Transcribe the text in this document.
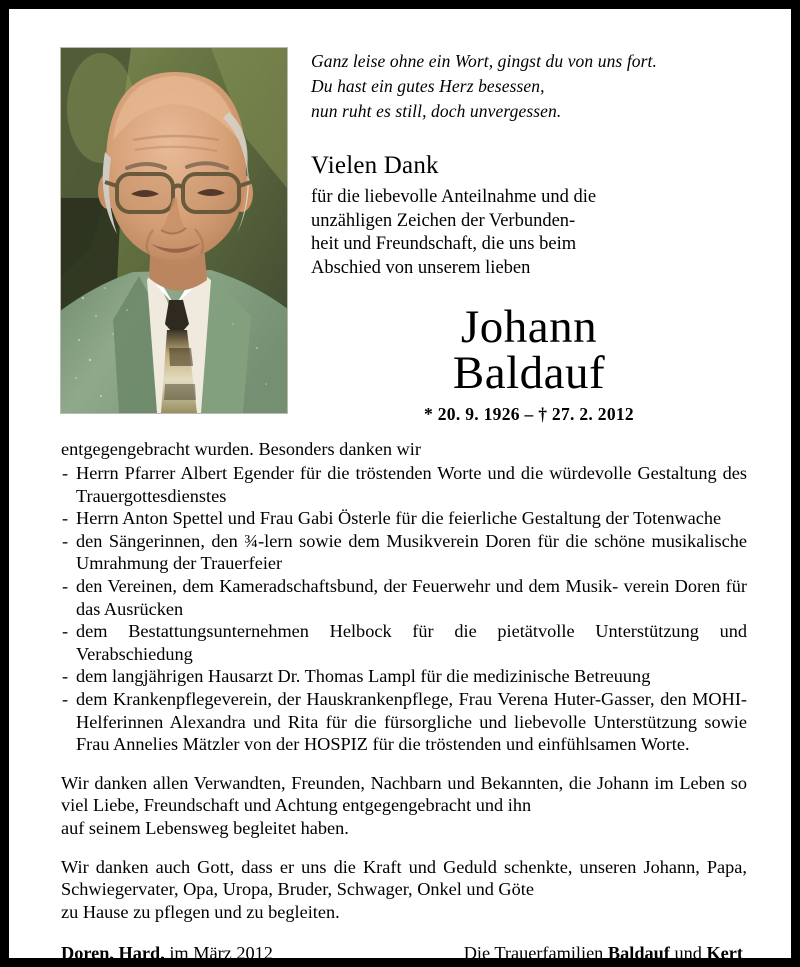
Ganz leise ohne ein Wort, gingst du von uns fort.
Du hast ein gutes Herz besessen,
nun ruht es still, doch unvergessen.
Vielen Dank
für die liebevolle Anteilnahme und die
unzähligen Zeichen der Verbunden-
heit und Freundschaft, die uns beim
Abschied von unserem lieben
Johann
Baldauf
* 20. 9. 1926 – † 27. 2. 2012

entgegengebracht wurden. Besonders danken wir

- Herrn Pfarrer Albert Egender für die tröstenden Worte und die würdevolle Gestaltung des Trauergottesdienstes
- Herrn Anton Spettel und Frau Gabi Österle für die feierliche Gestaltung der Totenwache
- den Sängerinnen, den ¾-lern sowie dem Musikverein Doren für die schöne musikalische Umrahmung der Trauerfeier
- den Vereinen, dem Kameradschaftsbund, der Feuerwehr und dem Musik- verein Doren für das Ausrücken
- dem Bestattungsunternehmen Helbock für die pietätvolle Unterstützung und Verabschiedung
- dem langjährigen Hausarzt Dr. Thomas Lampl für die medizinische Betreuung
- dem Krankenpflegeverein, der Hauskrankenpflege, Frau Verena Huter-Gasser, den MOHI-Helferinnen Alexandra und Rita für die fürsorgliche und liebevolle Unterstützung sowie Frau Annelies Mätzler von der HOSPIZ für die tröstenden und einfühlsamen Worte.

Wir danken allen Verwandten, Freunden, Nachbarn und Bekannten, die Johann im Leben so viel Liebe, Freundschaft und Achtung entgegengebracht und ihn
auf seinem Lebensweg begleitet haben.

Wir danken auch Gott, dass er uns die Kraft und Geduld schenkte, unseren Johann, Papa, Schwiegervater, Opa, Uropa, Bruder, Schwager, Onkel und Göte
zu Hause zu pflegen und zu begleiten.

Doren, Hard, im März 2012	Die Trauerfamilien Baldauf und Kert
